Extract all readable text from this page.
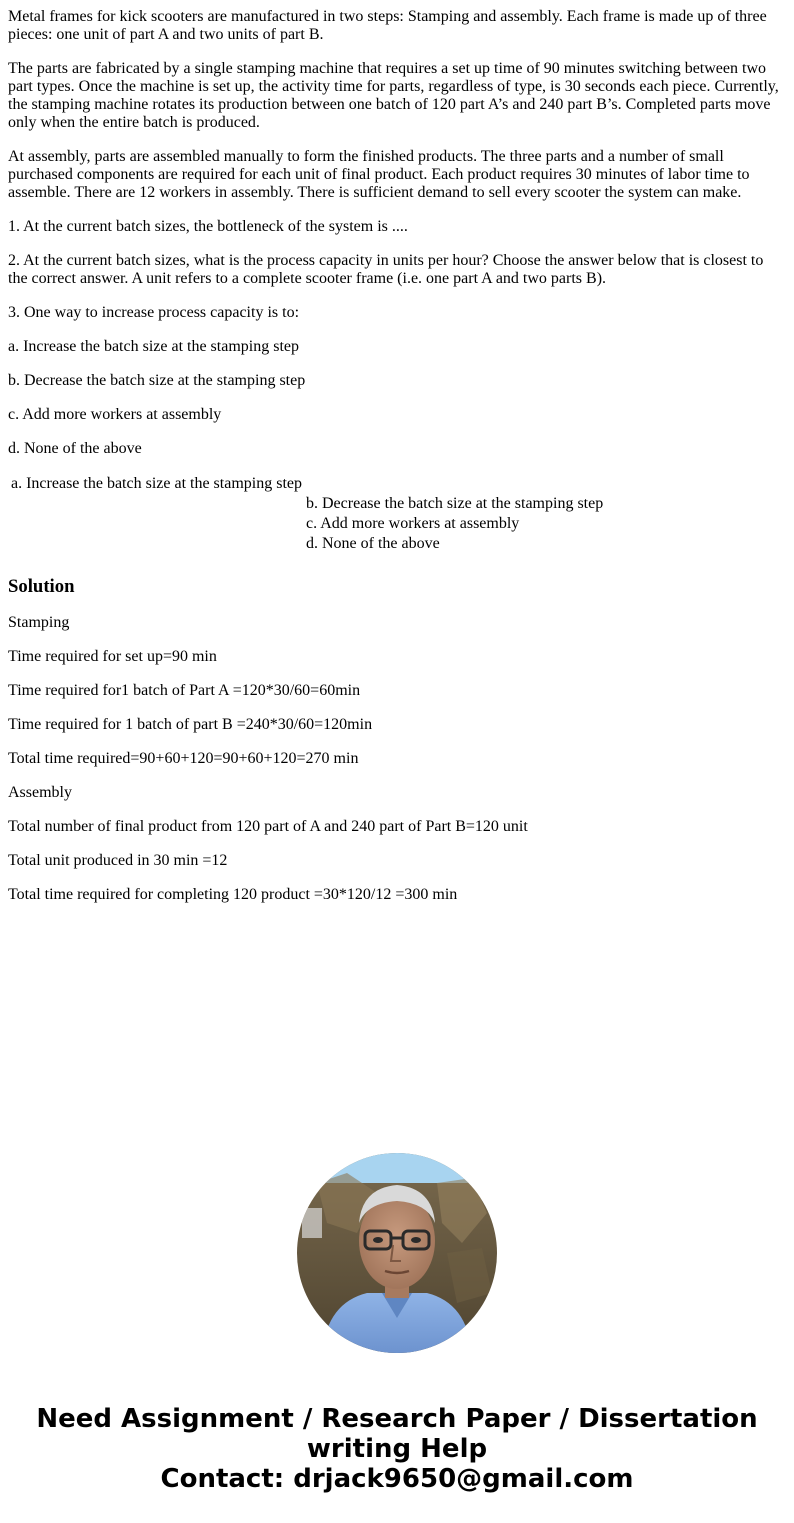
Metal frames for kick scooters are manufactured in two steps: Stamping and assembly. Each frame is made up of three pieces: one unit of part A and two units of part B.

The parts are fabricated by a single stamping machine that requires a set up time of 90 minutes switching between two part types. Once the machine is set up, the activity time for parts, regardless of type, is 30 seconds each piece. Currently, the stamping machine rotates its production between one batch of 120 part A’s and 240 part B’s. Completed parts move only when the entire batch is produced.

At assembly, parts are assembled manually to form the finished products. The three parts and a number of small purchased components are required for each unit of final product. Each product requires 30 minutes of labor time to assemble. There are 12 workers in assembly. There is sufficient demand to sell every scooter the system can make.

1. At the current batch sizes, the bottleneck of the system is ....

2. At the current batch sizes, what is the process capacity in units per hour? Choose the answer below that is closest to the correct answer. A unit refers to a complete scooter frame (i.e. one part A and two parts B).

3. One way to increase process capacity is to:

a. Increase the batch size at the stamping step

b. Decrease the batch size at the stamping step

c. Add more workers at assembly

d. None of the above

a. Increase the batch size at the stamping step	
b. Decrease the batch size at the stamping step
c. Add more workers at assembly
d. None of the above
Solution

Stamping

Time required for set up=90 min

Time required for1 batch of Part A =120*30/60=60min

Time required for 1 batch of part B =240*30/60=120min

Total time required=90+60+120=90+60+120=270 min

Assembly

Total number of final product from 120 part of A and 240 part of Part B=120 unit

Total unit produced in 30 min =12

Total time required for completing 120 product =30*120/12 =300 min

Need Assignment / Research Paper / Dissertation
writing Help
Contact: drjack9650@gmail.com
